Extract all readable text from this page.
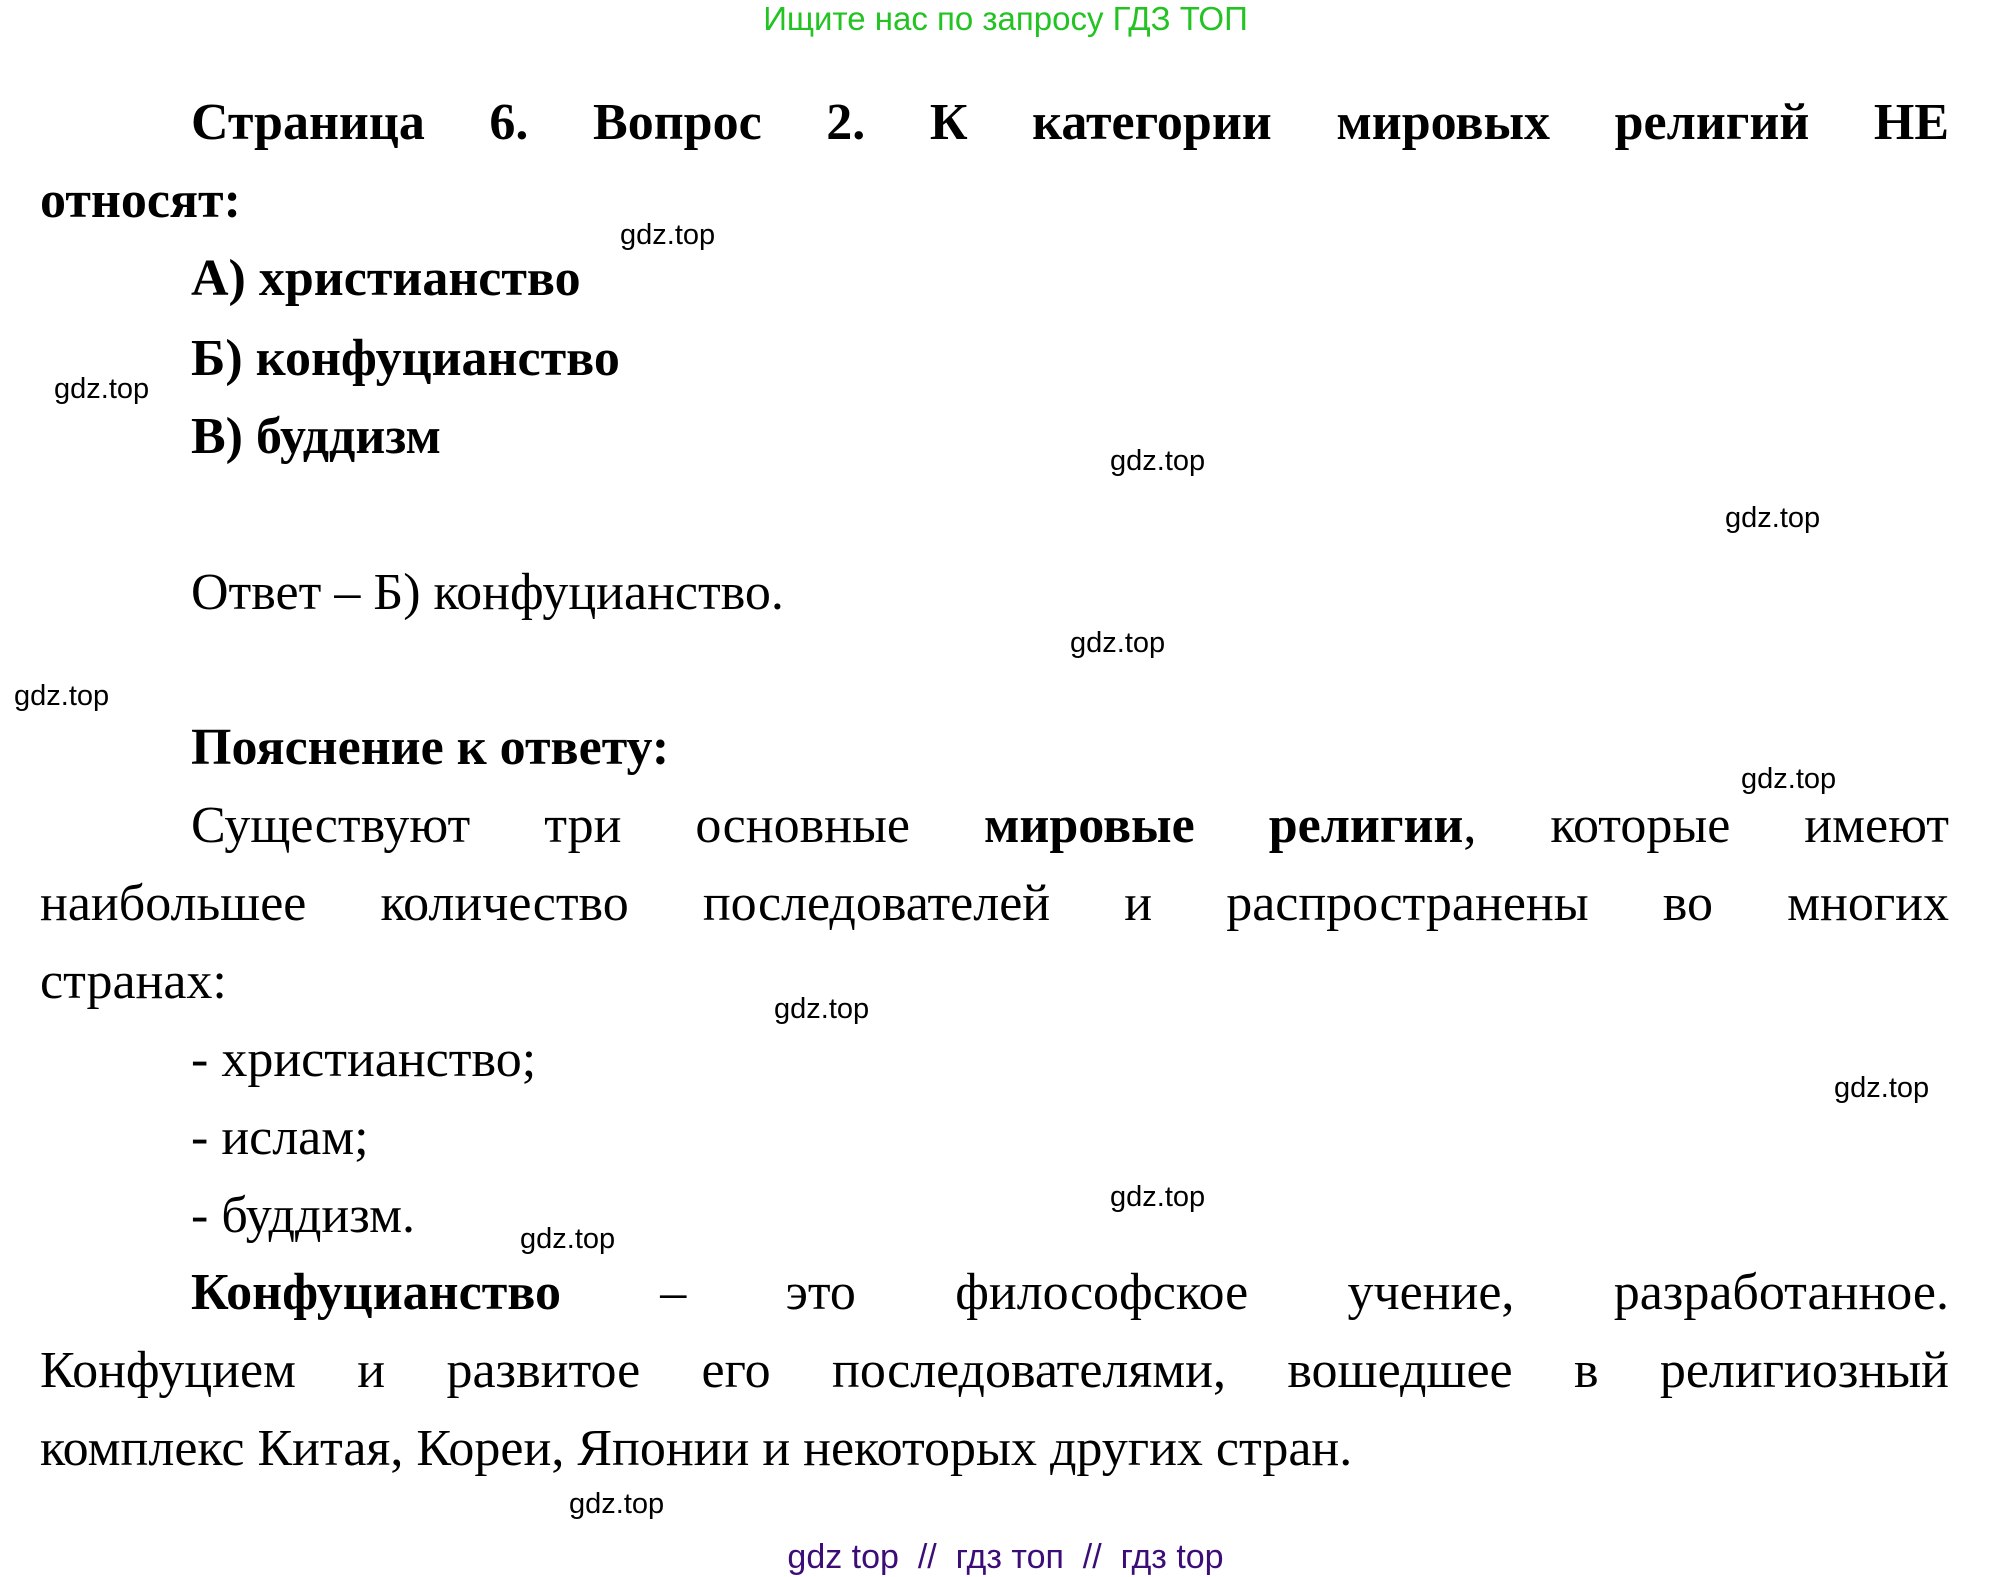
Ищите нас по запросу ГДЗ ТОП
Страница 6. Вопрос 2. К категории мировых религий НЕ
относят:
А) христианство
Б) конфуцианство
В) буддизм
Ответ – Б) конфуцианство.
Пояснение к ответу:
Существуют три основные мировые религии, которые имеют
наибольшее количество последователей и распространены во многих
странах:
- христианство;
- ислам;
- буддизм.
Конфуцианство – это философское учение, разработанное.
Конфуцием и развитое его последователями, вошедшее в религиозный
комплекс Китая, Кореи, Японии и некоторых других стран.
gdz.top
gdz.top
gdz.top
gdz.top
gdz.top
gdz.top
gdz.top
gdz.top
gdz.top
gdz.top
gdz.top
gdz.top
gdz top  //  гдз топ  //  гдз top
